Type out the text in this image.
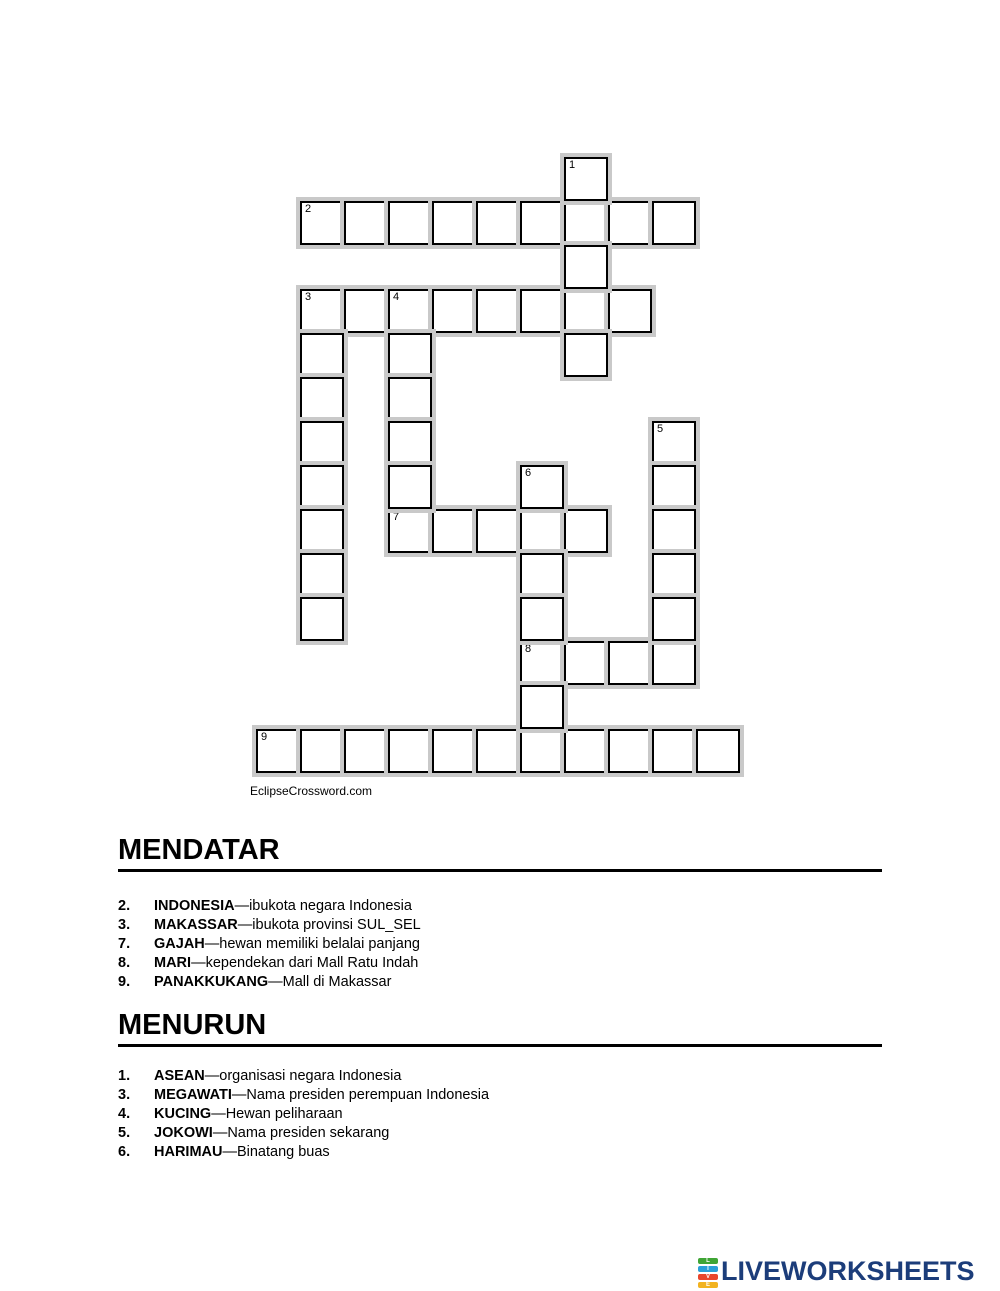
2
3	4
7
8
9
1
5
6
EclipseCrossword.com
MENDATAR
2. INDONESIA—ibukota negara Indonesia
3. MAKASSAR—ibukota provinsi SUL_SEL
7. GAJAH—hewan memiliki belalai panjang
8. MARI—kependekan dari Mall Ratu Indah
9. PANAKKUKANG—Mall di Makassar
MENURUN
1. ASEAN—organisasi negara Indonesia
3. MEGAWATI—Nama presiden perempuan Indonesia
4. KUCING—Hewan peliharaan
5. JOKOWI—Nama presiden sekarang
6. HARIMAU—Binatang buas
L
I
V
E LIVEWORKSHEETS
